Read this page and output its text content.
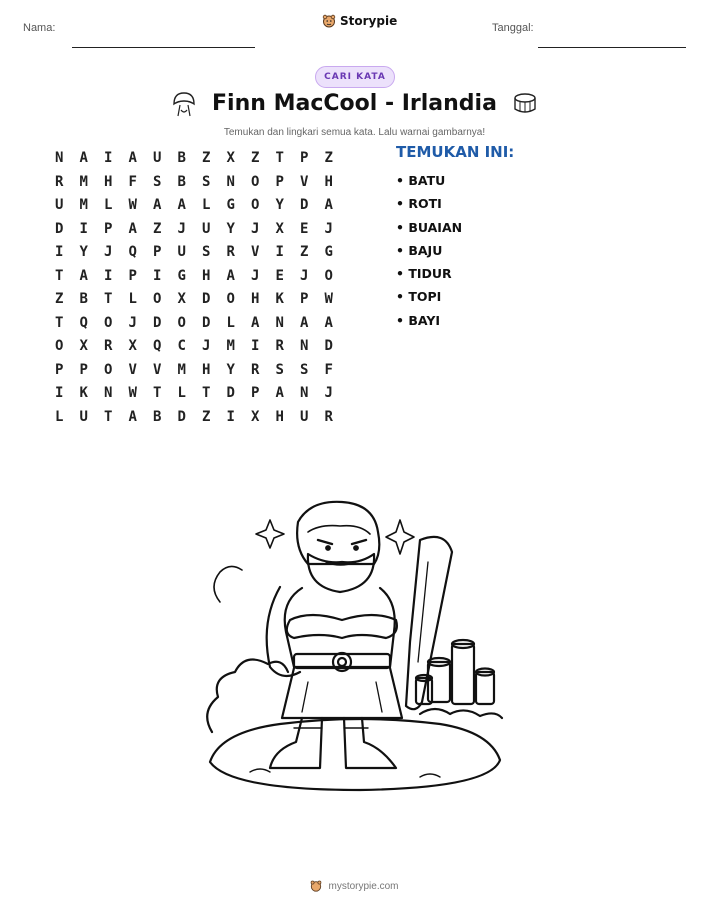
Nama:	Storypie	Tanggal:
CARI KATA
Finn MacCool - Irlandia
Temukan dan lingkari semua kata. Lalu warnai gambarnya!
N	A	I	A	U	B	Z	X	Z	T	P	Z
R	M	H	F	S	B	S	N	O	P	V	H
U	M	L	W	A	A	L	G	O	Y	D	A
D	I	P	A	Z	J	U	Y	J	X	E	J
I	Y	J	Q	P	U	S	R	V	I	Z	G
T	A	I	P	I	G	H	A	J	E	J	O
Z	B	T	L	O	X	D	O	H	K	P	W
T	Q	O	J	D	O	D	L	A	N	A	A
O	X	R	X	Q	C	J	M	I	R	N	D
P	P	O	V	V	M	H	Y	R	S	S	F
I	K	N	W	T	L	T	D	P	A	N	J
L	U	T	A	B	D	Z	I	X	H	U	R
TEMUKAN INI:
• BATU
• ROTI
• BUAIAN
• BAJU
• TIDUR
• TOPI
• BAYI
mystorypie.com
